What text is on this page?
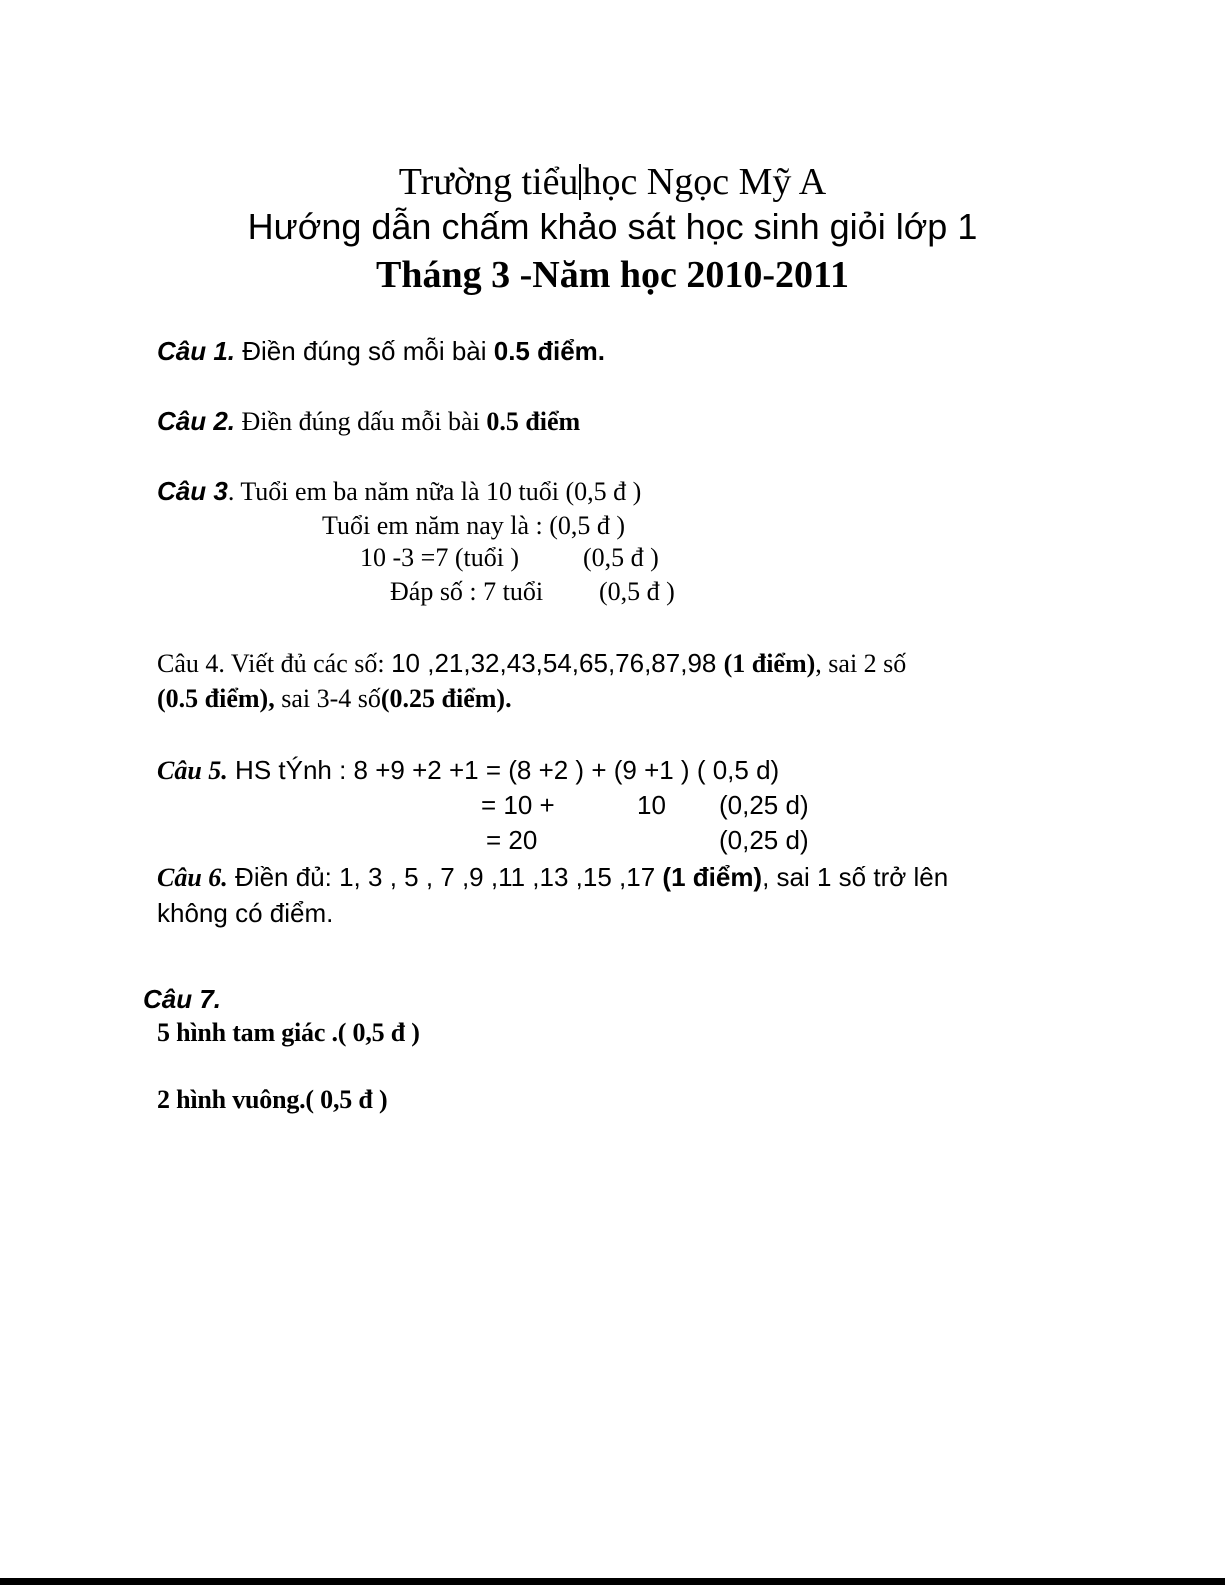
Trường tiểu học Ngọc Mỹ A
Hướng dẫn chấm khảo sát học sinh giỏi lớp 1
Tháng 3 -Năm học 2010-2011
Câu 1. Điền đúng số mỗi bài 0.5 điểm.
Câu 2. Điền đúng dấu mỗi bài 0.5 điểm
Câu 3. Tuổi em ba năm nữa là 10 tuổi (0,5 đ )
Tuổi em năm nay là : (0,5 đ )
10 -3 =7 (tuổi ) (0,5 đ )
Đáp số : 7 tuổi (0,5 đ )
Câu 4. Viết đủ các số: 10 ,21,32,43,54,65,76,87,98 (1 điểm), sai 2 số
(0.5 điểm), sai 3-4 số(0.25 điểm).
Câu 5. HS tÝnh : 8 +9 +2 +1 = (8 +2 ) + (9 +1 ) ( 0,5 d)
= 10 +	10 (0,25 d)
= 20	(0,25 d)
Câu 6. Điền đủ: 1, 3 , 5 , 7 ,9 ,11 ,13 ,15 ,17 (1 điểm), sai 1 số trở lên
không có điểm.
Câu 7.
5 hình tam giác .( 0,5 đ )
2 hình vuông.( 0,5 đ )
